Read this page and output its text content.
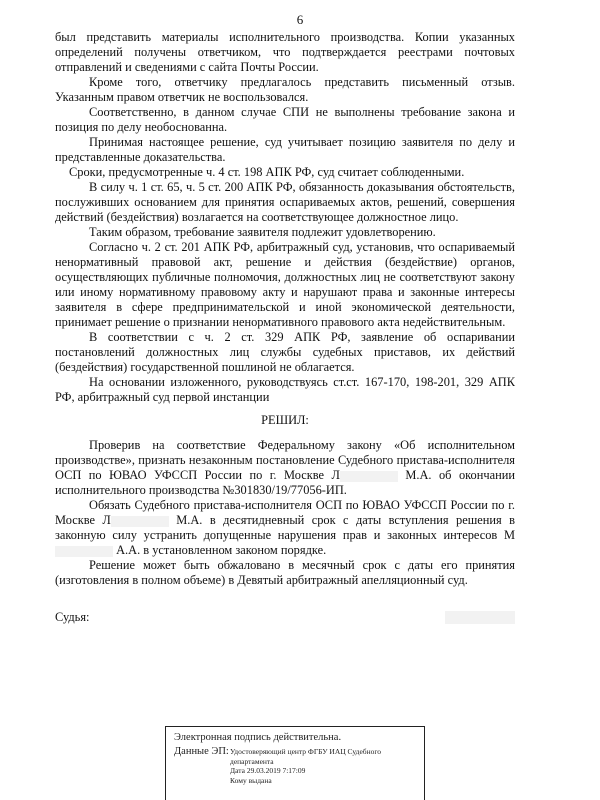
6

был представить материалы исполнительного производства. Копии указанных определений получены ответчиком, что подтверждается реестрами почтовых отправлений и сведениями с сайта Почты России.

Кроме того, ответчику предлагалось представить письменный отзыв. Указанным правом ответчик не воспользовался.

Соответственно, в данном случае СПИ не выполнены требование закона и позиция по делу необоснованна.

Принимая настоящее решение, суд учитывает позицию заявителя по делу и представленные доказательства.

Сроки, предусмотренные ч. 4 ст. 198 АПК РФ, суд считает соблюденными.

В силу ч. 1 ст. 65, ч. 5 ст. 200 АПК РФ, обязанность доказывания обстоятельств, послуживших основанием для принятия оспариваемых актов, решений, совершения действий (бездействия) возлагается на соответствующее должностное лицо.

Таким образом, требование заявителя подлежит удовлетворению.

Согласно ч. 2 ст. 201 АПК РФ, арбитражный суд, установив, что оспариваемый ненормативный правовой акт, решение и действия (бездействие) органов, осуществляющих публичные полномочия, должностных лиц не соответствуют закону или иному нормативному правовому акту и нарушают права и законные интересы заявителя в сфере предпринимательской и иной экономической деятельности, принимает решение о признании ненормативного правового акта недействительным.

В соответствии с ч. 2 ст. 329 АПК РФ, заявление об оспаривании постановлений должностных лиц службы судебных приставов, их действий (бездействия) государственной пошлиной не облагается.

На основании изложенного, руководствуясь ст.ст. 167-170, 198-201, 329 АПК РФ, арбитражный суд первой инстанции

РЕШИЛ:

Проверив на соответствие Федеральному закону «Об исполнительном производстве», признать незаконным постановление Судебного пристава-исполнителя ОСП по ЮВАО УФССП России по г. Москве Л	М.А. об окончании исполнительного производства №301830/19/77056-ИП.

Обязать Судебного пристава-исполнителя ОСП по ЮВАО УФССП России по г. Москве Л	М.А. в десятидневный срок с даты вступления решения в законную силу устранить допущенные нарушения прав и законных интересов М А.А. в установленном законом порядке.

Решение может быть обжаловано в месячный срок с даты его принятия (изготовления в полном объеме) в Девятый арбитражный апелляционный суд.

Судья:

Электронная подпись действительна.
Данные ЭП: Удостоверяющий центр ФГБУ ИАЦ Судебного департамента
Дата 29.03.2019 7:17:09
Кому выдана
